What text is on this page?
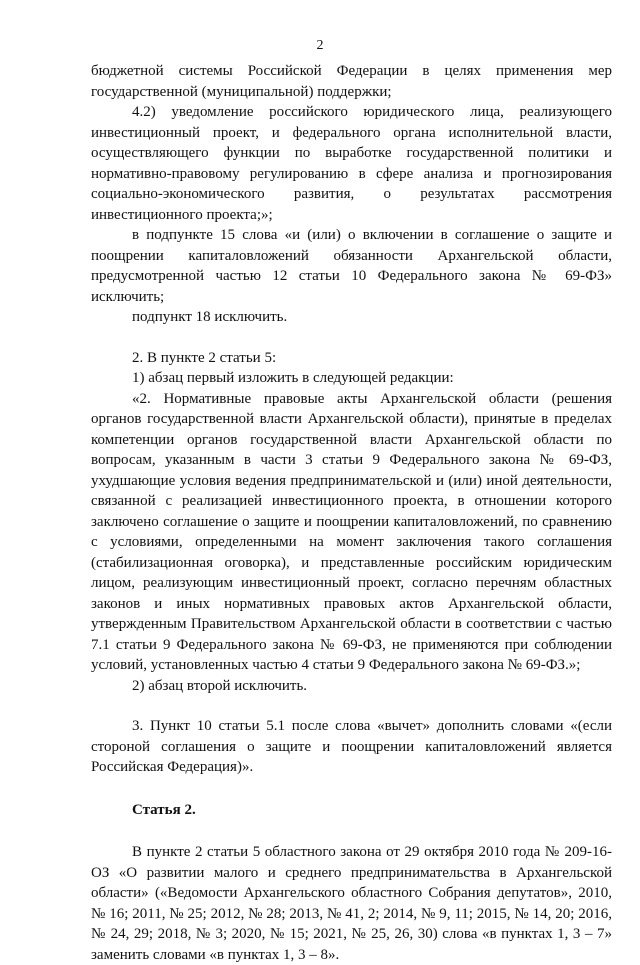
2

бюджетной системы Российской Федерации в целях применения мер государственной (муниципальной) поддержки;

4.2) уведомление российского юридического лица, реализующего инвестиционный проект, и федерального органа исполнительной власти, осуществляющего функции по выработке государственной политики и нормативно-правовому регулированию в сфере анализа и прогнозирования социально-экономического развития, о результатах рассмотрения инвестиционного проекта;»;

в подпункте 15 слова «и (или) о включении в соглашение о защите и поощрении капиталовложений обязанности Архангельской области, предусмотренной частью 12 статьи 10 Федерального закона № 69-ФЗ» исключить;

подпункт 18 исключить.

2. В пункте 2 статьи 5:

1) абзац первый изложить в следующей редакции:

«2. Нормативные правовые акты Архангельской области (решения органов государственной власти Архангельской области), принятые в пределах компетенции органов государственной власти Архангельской области по вопросам, указанным в части 3 статьи 9 Федерального закона № 69-ФЗ, ухудшающие условия ведения предпринимательской и (или) иной деятельности, связанной с реализацией инвестиционного проекта, в отношении которого заключено соглашение о защите и поощрении капиталовложений, по сравнению с условиями, определенными на момент заключения такого соглашения (стабилизационная оговорка), и представленные российским юридическим лицом, реализующим инвестиционный проект, согласно перечням областных законов и иных нормативных правовых актов Архангельской области, утвержденным Правительством Архангельской области в соответствии с частью 7.1 статьи 9 Федерального закона № 69-ФЗ, не применяются при соблюдении условий, установленных частью 4 статьи 9 Федерального закона № 69-ФЗ.»;

2) абзац второй исключить.

3. Пункт 10 статьи 5.1 после слова «вычет» дополнить словами «(если стороной соглашения о защите и поощрении капиталовложений является Российская Федерация)».

Статья 2.

В пункте 2 статьи 5 областного закона от 29 октября 2010 года № 209-16-ОЗ «О развитии малого и среднего предпринимательства в Архангельской области» («Ведомости Архангельского областного Собрания депутатов», 2010, № 16; 2011, № 25; 2012, № 28; 2013, № 41, 2; 2014, № 9, 11; 2015, № 14, 20; 2016, № 24, 29; 2018, № 3; 2020, № 15; 2021, № 25, 26, 30) слова «в пунктах 1, 3 – 7» заменить словами «в пунктах 1, 3 – 8».
